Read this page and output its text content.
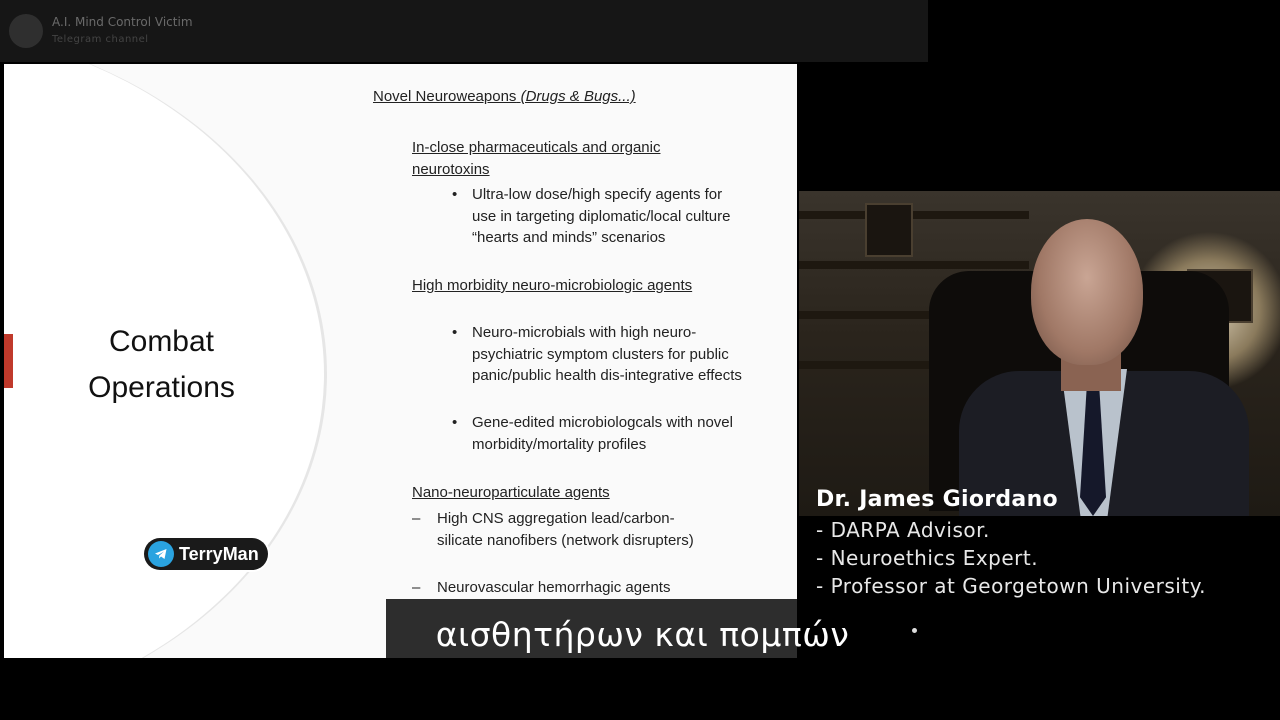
A.I. Mind Control Victim
Telegram channel
Combat
Operations
Novel Neuroweapons (Drugs & Bugs...)
In-close pharmaceuticals and organic neurotoxins
• Ultra-low dose/high specify agents for use in targeting diplomatic/local culture “hearts and minds” scenarios
High morbidity neuro-microbiologic agents
• Neuro-microbials with high neuro-psychiatric symptom clusters for public panic/public health dis-integrative effects
• Gene-edited microbiologcals with novel morbidity/mortality profiles
Nano-neuroparticulate agents
–	High CNS aggregation lead/carbon-silicate nanofibers (network disrupters)
–	Neurovascular hemorrhagic agents
TerryMan
Dr. James Giordano
- DARPA Advisor.
- Neuroethics Expert.
- Professor at Georgetown University.
αισθητήρων και πομπών
